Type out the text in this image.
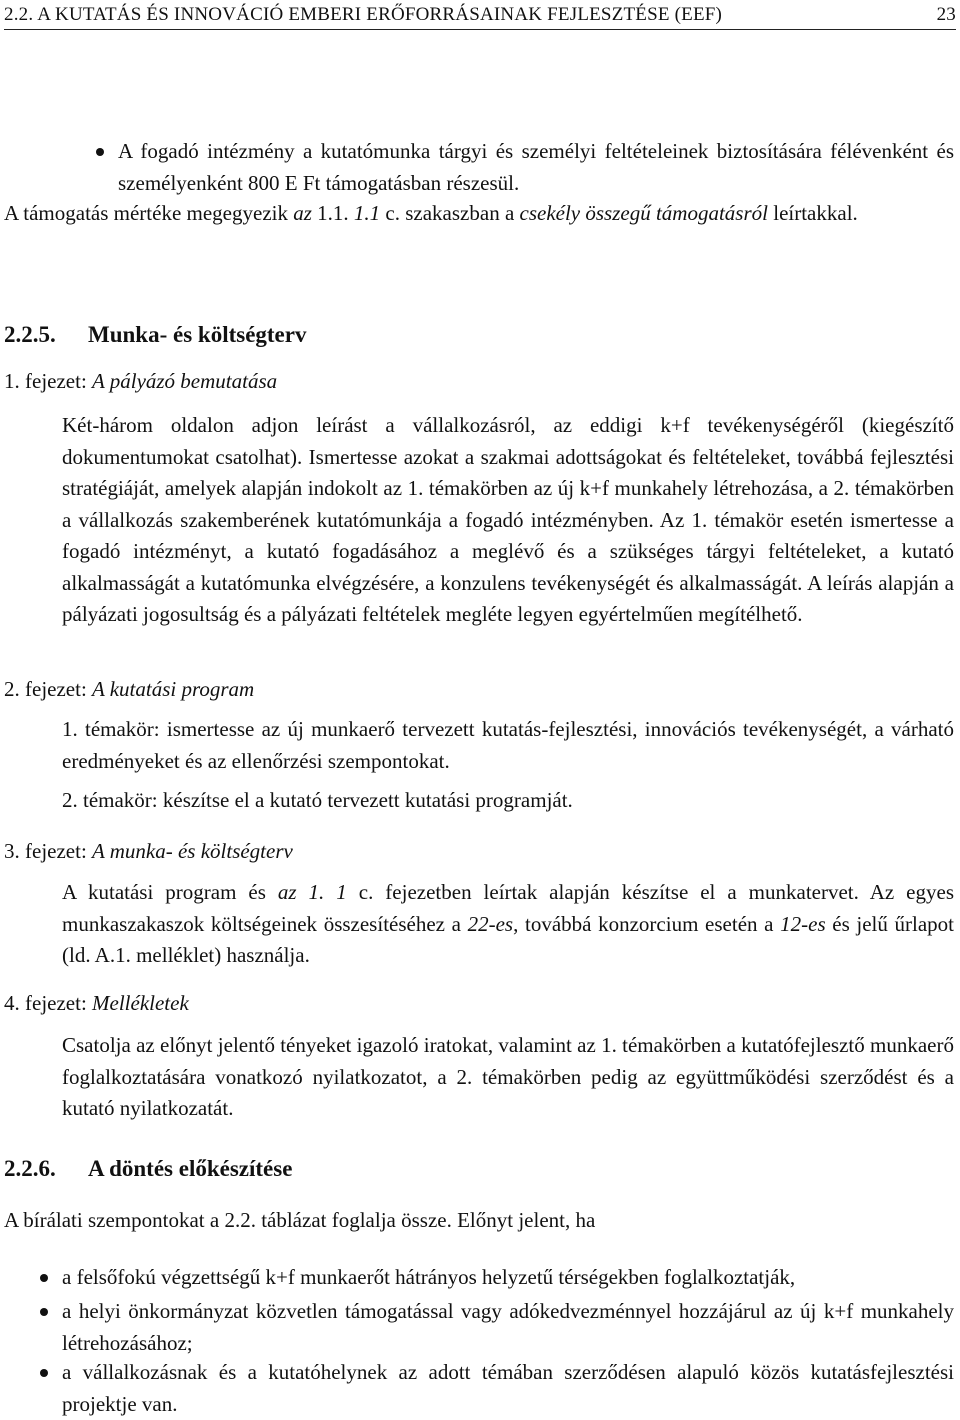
2.2. A KUTATÁS ÉS INNOVÁCIÓ EMBERI ERŐFORRÁSAINAK FEJLESZTÉSE (EEF)	23
A fogadó intézmény a kutatómunka tárgyi és személyi feltételeinek biztosítására félévenként és személyenként 800 E Ft támogatásban részesül.
A támogatás mértéke megegyezik az 1.1. 1.1 c. szakaszban a csekély összegű támogatásról leírtakkal.
2.2.5. Munka- és költségterv
1. fejezet: A pályázó bemutatása
Két-három oldalon adjon leírást a vállalkozásról, az eddigi k+f tevékenységéről (kiegészítő dokumentumokat csatolhat). Ismertesse azokat a szakmai adottságokat és feltételeket, továbbá fejlesztési stratégiáját, amelyek alapján indokolt az 1. témakörben az új k+f munkahely létrehozása, a 2. témakörben a vállalkozás szakemberének kutatómunkája a fogadó intézményben. Az 1. témakör esetén ismertesse a fogadó intézményt, a kutató fogadásához a meglévő és a szükséges tárgyi feltételeket, a kutató alkalmasságát a kutatómunka elvégzésére, a konzulens tevékenységét és alkalmasságát. A leírás alapján a pályázati jogosultság és a pályázati feltételek megléte legyen egyértelműen megítélhető.
2. fejezet: A kutatási program
1. témakör: ismertesse az új munkaerő tervezett kutatás-fejlesztési, innovációs tevékenységét, a várható eredményeket és az ellenőrzési szempontokat.
2. témakör: készítse el a kutató tervezett kutatási programját.
3. fejezet: A munka- és költségterv
A kutatási program és az 1. 1 c. fejezetben leírtak alapján készítse el a munkatervet. Az egyes munkaszakaszok költségeinek összesítéséhez a 22-es, továbbá konzorcium esetén a 12-es és jelű űrlapot (ld. A.1. melléklet) használja.
4. fejezet: Mellékletek
Csatolja az előnyt jelentő tényeket igazoló iratokat, valamint az 1. témakörben a kutatófejlesztő munkaerő foglalkoztatására vonatkozó nyilatkozatot, a 2. témakörben pedig az együttműködési szerződést és a kutató nyilatkozatát.
2.2.6. A döntés előkészítése
A bírálati szempontokat a 2.2. táblázat foglalja össze. Előnyt jelent, ha
a felsőfokú végzettségű k+f munkaerőt hátrányos helyzetű térségekben foglalkoztatják,
a helyi önkormányzat közvetlen támogatással vagy adókedvezménnyel hozzájárul az új k+f munkahely létrehozásához;
a vállalkozásnak és a kutatóhelynek az adott témában szerződésen alapuló közös kutatásfejlesztési projektje van.
